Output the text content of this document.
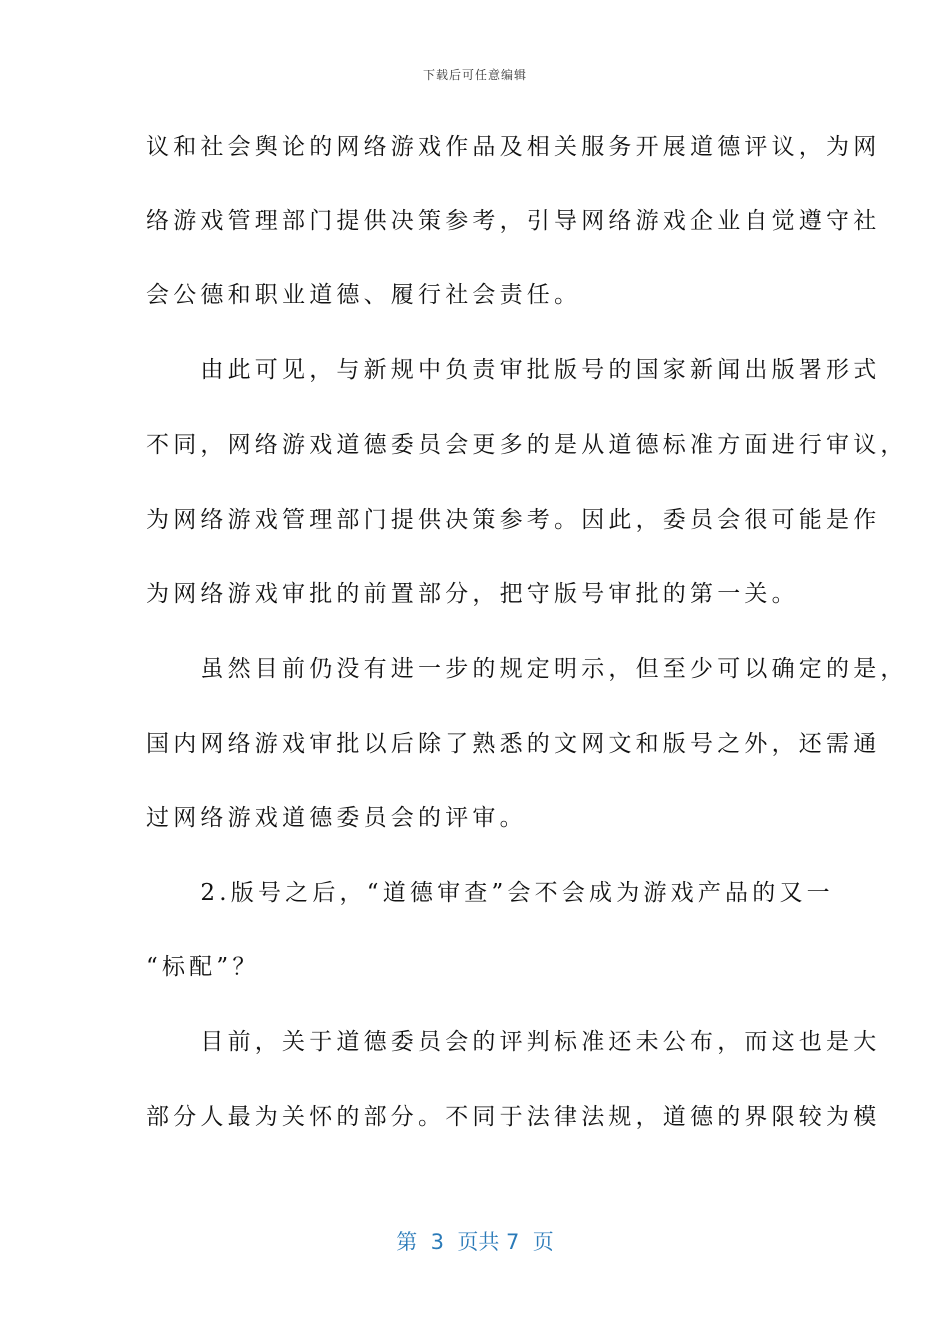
下载后可任意编辑
议和社会舆论的网络游戏作品及相关服务开展道德评议，为网
络游戏管理部门提供决策参考，引导网络游戏企业自觉遵守社
会公德和职业道德、履行社会责任。
　　由此可见，与新规中负责审批版号的国家新闻出版署形式
不同，网络游戏道德委员会更多的是从道德标准方面进行审议，
为网络游戏管理部门提供决策参考。因此，委员会很可能是作
为网络游戏审批的前置部分，把守版号审批的第一关。
　　虽然目前仍没有进一步的规定明示，但至少可以确定的是，
国内网络游戏审批以后除了熟悉的文网文和版号之外，还需通
过网络游戏道德委员会的评审。
　　2.版号之后，“道德审查”会不会成为游戏产品的又一
“标配”？
　　目前，关于道德委员会的评判标准还未公布，而这也是大
部分人最为关怀的部分。不同于法律法规，道德的界限较为模
第  3  页共 7  页
